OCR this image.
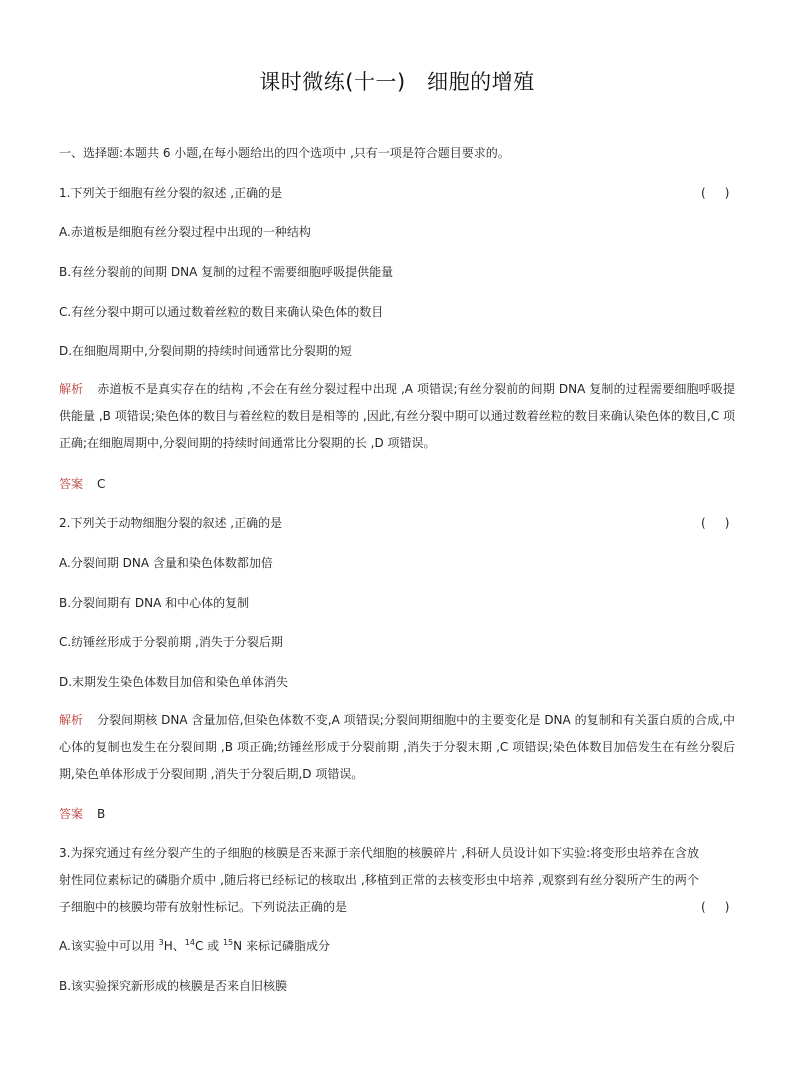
课时微练(十一)　细胞的增殖
一、选择题:本题共 6 小题,在每小题给出的四个选项中 ,只有一项是符合题目要求的。
1.下列关于细胞有丝分裂的叙述 ,正确的是	(     )
A.赤道板是细胞有丝分裂过程中出现的一种结构
B.有丝分裂前的间期 DNA 复制的过程不需要细胞呼吸提供能量
C.有丝分裂中期可以通过数着丝粒的数目来确认染色体的数目
D.在细胞周期中,分裂间期的持续时间通常比分裂期的短
解析 赤道板不是真实存在的结构 ,不会在有丝分裂过程中出现 ,A 项错误;有丝分裂前的间期 DNA 复制的过程需要细胞呼吸提供能量 ,B 项错误;染色体的数目与着丝粒的数目是相等的 ,因此,有丝分裂中期可以通过数着丝粒的数目来确认染色体的数目,C 项正确;在细胞周期中,分裂间期的持续时间通常比分裂期的长 ,D 项错误。
答案 C
2.下列关于动物细胞分裂的叙述 ,正确的是	(     )
A.分裂间期 DNA 含量和染色体数都加倍
B.分裂间期有 DNA 和中心体的复制
C.纺锤丝形成于分裂前期 ,消失于分裂后期
D.末期发生染色体数目加倍和染色单体消失
解析 分裂间期核 DNA 含量加倍,但染色体数不变,A 项错误;分裂间期细胞中的主要变化是 DNA 的复制和有关蛋白质的合成,中心体的复制也发生在分裂间期 ,B 项正确;纺锤丝形成于分裂前期 ,消失于分裂末期 ,C 项错误;染色体数目加倍发生在有丝分裂后期,染色单体形成于分裂间期 ,消失于分裂后期,D 项错误。
答案 B
3.为探究通过有丝分裂产生的子细胞的核膜是否来源于亲代细胞的核膜碎片 ,科研人员设计如下实验:将变形虫培养在含放射性同位素标记的磷脂介质中 ,随后将已经标记的核取出 ,移植到正常的去核变形虫中培养 ,观察到有丝分裂所产生的两个子细胞中的核膜均带有放射性标记。下列说法正确的是	(     )
A.该实验中可以用 $^3$H、$^{14}$C 或 $^{15}$N 来标记磷脂成分
B.该实验探究新形成的核膜是否来自旧核膜
